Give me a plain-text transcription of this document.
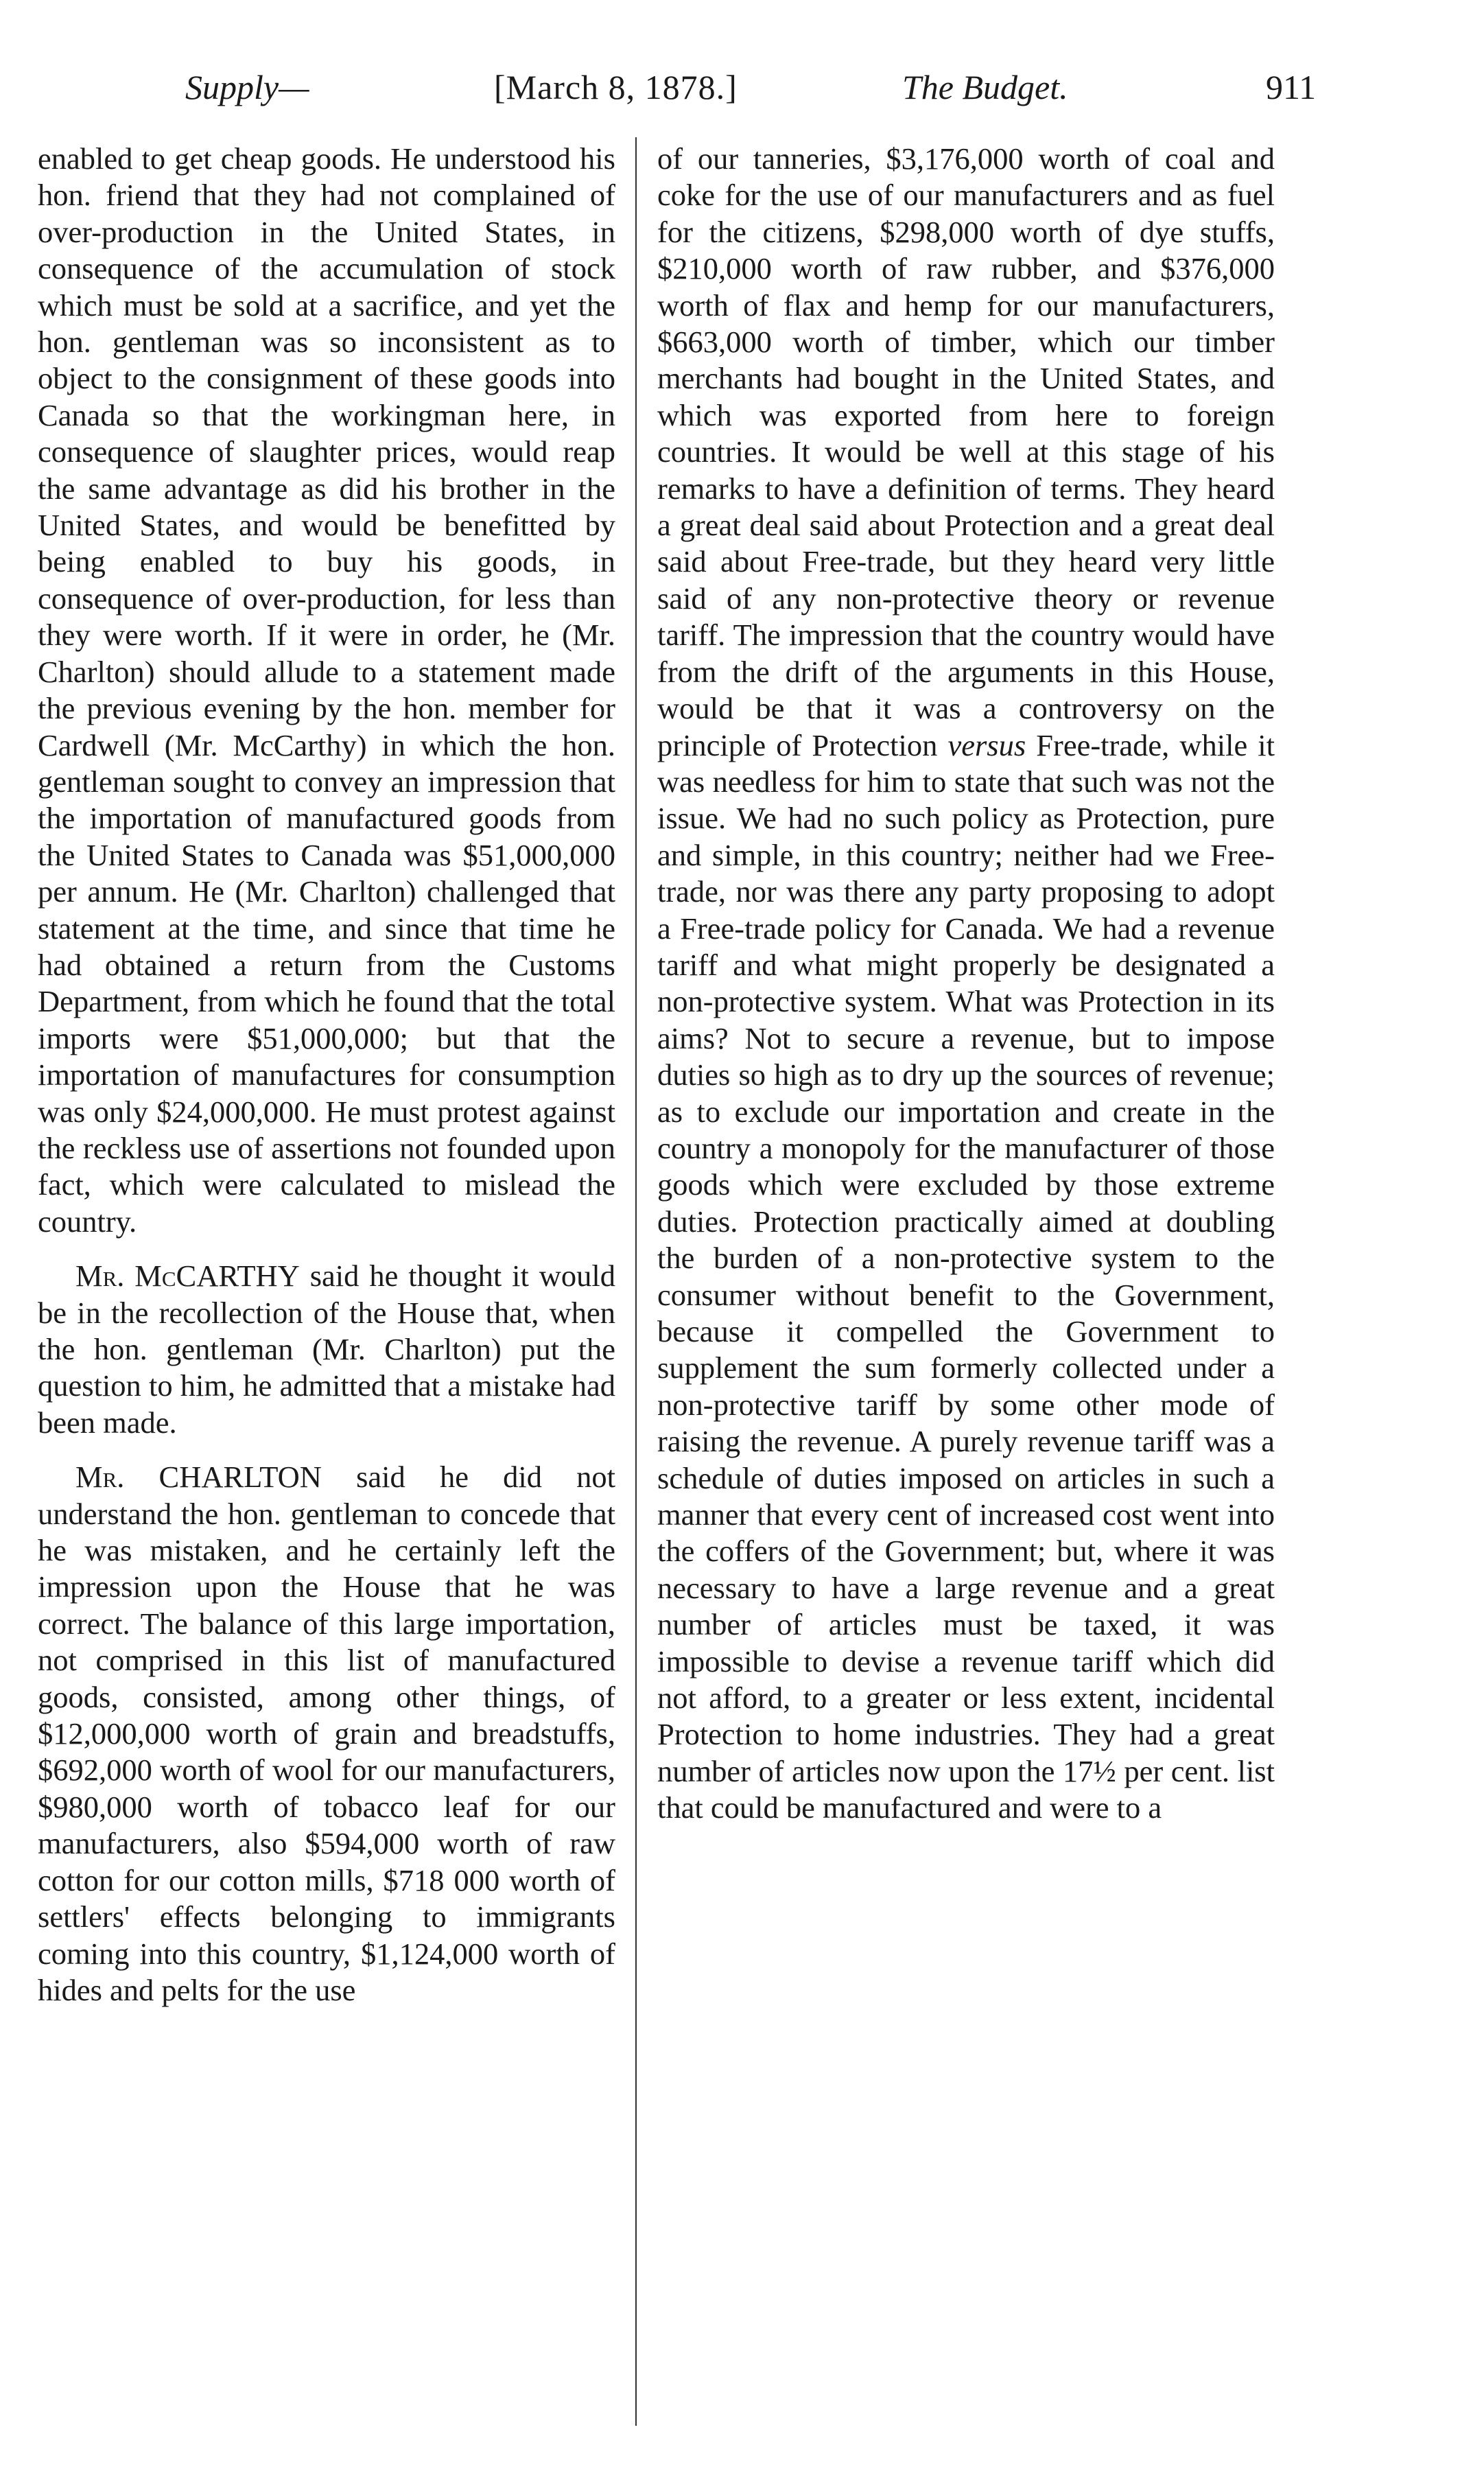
Supply—	[March 8, 1878.]	The Budget.	911

enabled to get cheap goods. He understood his hon. friend that they had not complained of over-production in the United States, in consequence of the accumulation of stock which must be sold at a sacrifice, and yet the hon. gentleman was so inconsistent as to object to the consignment of these goods into Canada so that the workingman here, in consequence of slaughter prices, would reap the same advantage as did his brother in the United States, and would be benefitted by being enabled to buy his goods, in consequence of over-production, for less than they were worth. If it were in order, he (Mr. Charlton) should allude to a statement made the previous evening by the hon. member for Cardwell (Mr. McCarthy) in which the hon. gentleman sought to convey an impression that the importation of manufactured goods from the United States to Canada was $51,000,000 per annum. He (Mr. Charlton) challenged that statement at the time, and since that time he had obtained a return from the Customs Department, from which he found that the total imports were $51,000,000; but that the importation of manufactures for consumption was only $24,000,000. He must protest against the reckless use of assertions not founded upon fact, which were calculated to mislead the country.

Mr. McCARTHY said he thought it would be in the recollection of the House that, when the hon. gentleman (Mr. Charlton) put the question to him, he admitted that a mistake had been made.

Mr. CHARLTON said he did not understand the hon. gentleman to concede that he was mistaken, and he certainly left the impression upon the House that he was correct. The balance of this large importation, not comprised in this list of manufactured goods, consisted, among other things, of $12,000,000 worth of grain and breadstuffs, $692,000 worth of wool for our manufacturers, $980,000 worth of tobacco leaf for our manufacturers, also $594,000 worth of raw cotton for our cotton mills, $718 000 worth of settlers' effects belonging to immigrants coming into this country, $1,124,000 worth of hides and pelts for the use

of our tanneries, $3,176,000 worth of coal and coke for the use of our manufacturers and as fuel for the citizens, $298,000 worth of dye stuffs, $210,000 worth of raw rubber, and $376,000 worth of flax and hemp for our manufacturers, $663,000 worth of timber, which our timber merchants had bought in the United States, and which was exported from here to foreign countries. It would be well at this stage of his remarks to have a definition of terms. They heard a great deal said about Protection and a great deal said about Free-trade, but they heard very little said of any non-protective theory or revenue tariff. The impression that the country would have from the drift of the arguments in this House, would be that it was a controversy on the principle of Protection versus Free-trade, while it was needless for him to state that such was not the issue. We had no such policy as Protection, pure and simple, in this country; neither had we Free-trade, nor was there any party proposing to adopt a Free-trade policy for Canada. We had a revenue tariff and what might properly be designated a non-protective system. What was Protection in its aims? Not to secure a revenue, but to impose duties so high as to dry up the sources of revenue; as to exclude our importation and create in the country a monopoly for the manufacturer of those goods which were excluded by those extreme duties. Protection practically aimed at doubling the burden of a non-protective system to the consumer without benefit to the Government, because it compelled the Government to supplement the sum formerly collected under a non-protective tariff by some other mode of raising the revenue. A purely revenue tariff was a schedule of duties imposed on articles in such a manner that every cent of increased cost went into the coffers of the Government; but, where it was necessary to have a large revenue and a great number of articles must be taxed, it was impossible to devise a revenue tariff which did not afford, to a greater or less extent, incidental Protection to home industries. They had a great number of articles now upon the 17½ per cent. list that could be manufactured and were to a
